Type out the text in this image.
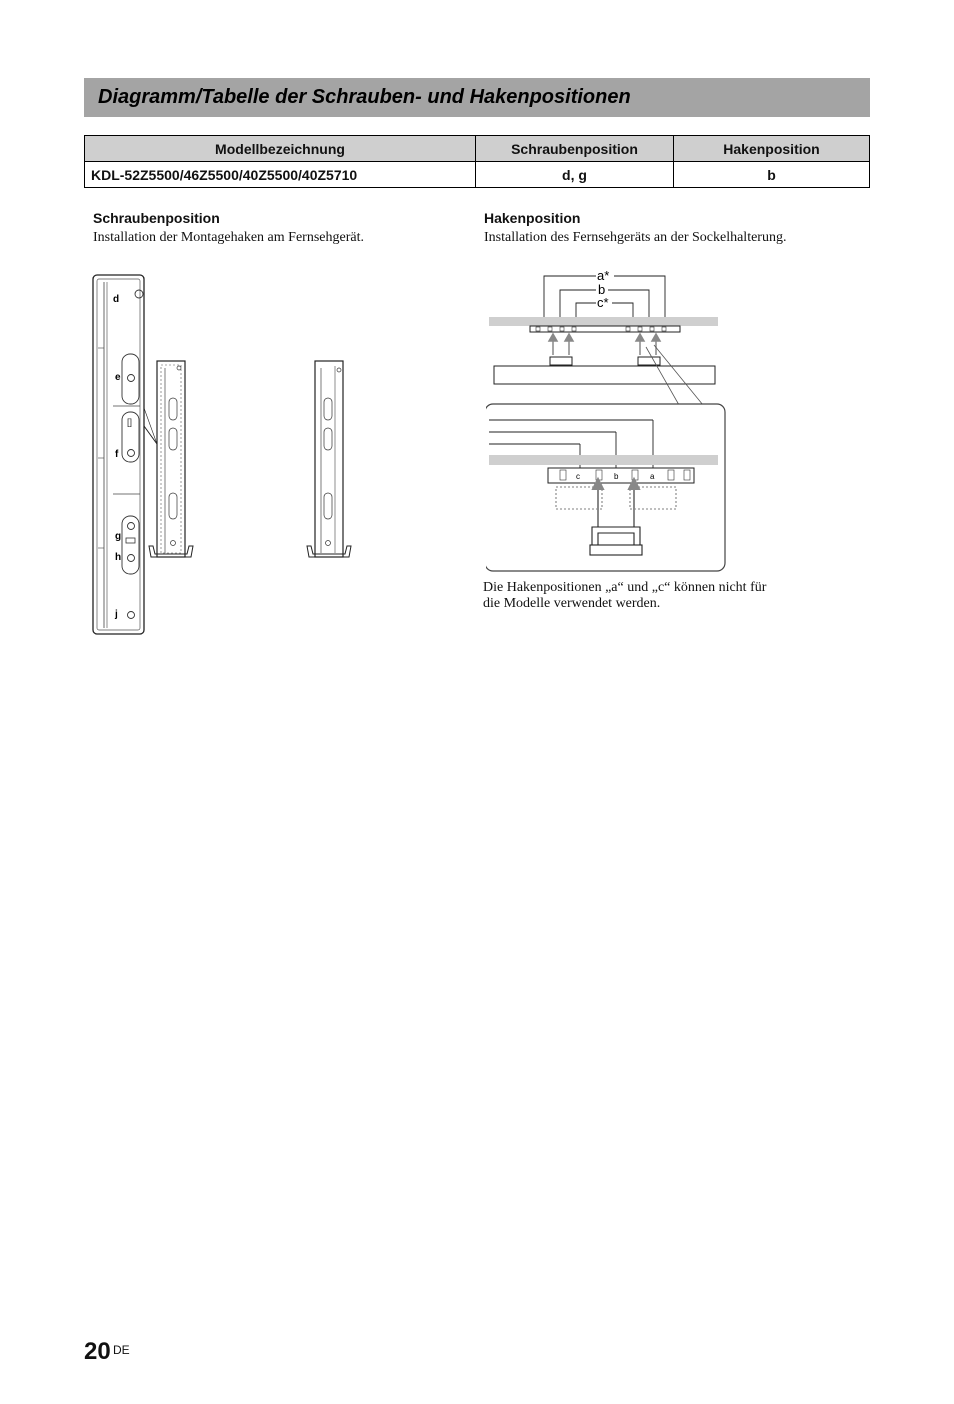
Diagramm/Tabelle der Schrauben- und Hakenpositionen
Modellbezeichnung	Schraubenposition	Hakenposition
KDL-52Z5500/46Z5500/40Z5500/40Z5710	d, g	b
Schraubenposition
Installation der Montagehaken am Fernsehgerät.
Hakenposition
Installation des Fernsehgeräts an der Sockelhalterung.
[]
d
e
f
g
h
j
a*
b
c*
c	b	a
Die Hakenpositionen „a“ und „c“ können nicht für die Modelle verwendet werden.
20 DE
